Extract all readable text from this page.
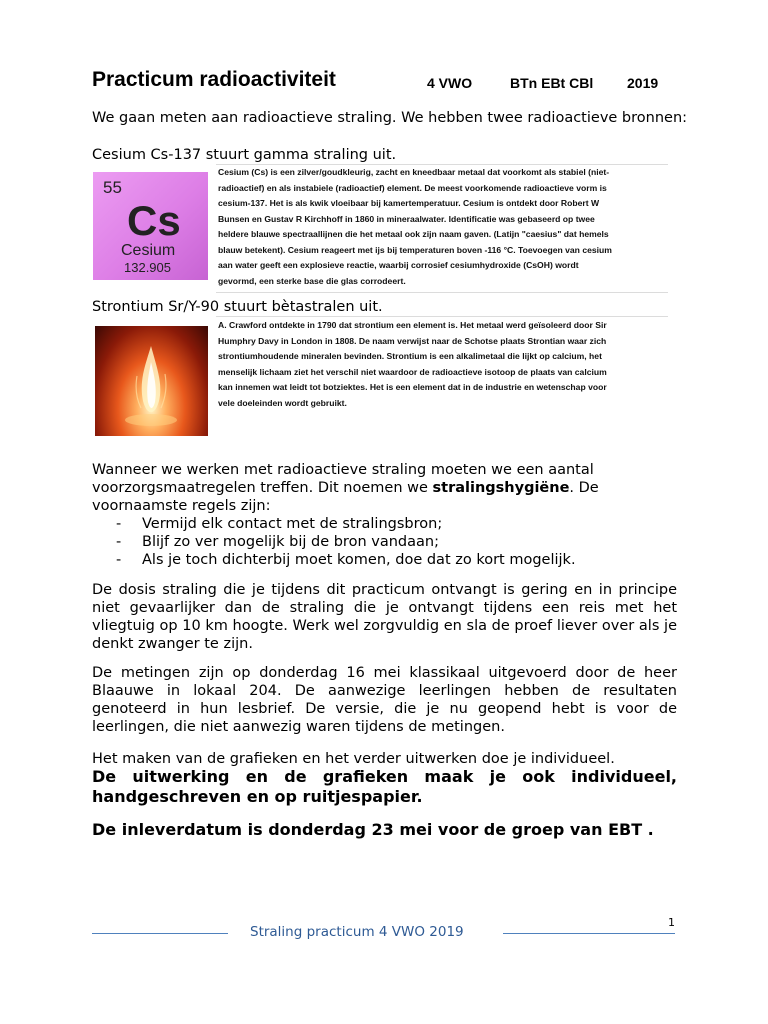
Practicum radioactiviteit	4 VWO	BTn EBt CBl 2019
We gaan meten aan radioactieve straling. We hebben twee radioactieve bronnen:
Cesium Cs-137 stuurt gamma straling uit.
55
Cs
Cesium
132.905
Cesium (Cs) is een zilver/goudkleurig, zacht en kneedbaar metaal dat voorkomt als stabiel (niet-
radioactief) en als instabiele (radioactief) element. De meest voorkomende radioactieve vorm is
cesium-137. Het is als kwik vloeibaar bij kamertemperatuur. Cesium is ontdekt door Robert W
Bunsen en Gustav R Kirchhoff in 1860 in mineraalwater. Identificatie was gebaseerd op twee
heldere blauwe spectraallijnen die het metaal ook zijn naam gaven. (Latijn "caesius" dat hemels
blauw betekent). Cesium reageert met ijs bij temperaturen boven -116 °C. Toevoegen van cesium
aan water geeft een explosieve reactie, waarbij corrosief cesiumhydroxide (CsOH) wordt
gevormd, een sterke base die glas corrodeert.
Strontium Sr/Y-90 stuurt bètastralen uit.
A. Crawford ontdekte in 1790 dat strontium een element is. Het metaal werd geïsoleerd door Sir
Humphry Davy in London in 1808. De naam verwijst naar de Schotse plaats Strontian waar zich
strontiumhoudende mineralen bevinden. Strontium is een alkalimetaal die lijkt op calcium, het
menselijk lichaam ziet het verschil niet waardoor de radioactieve isotoop de plaats van calcium
kan innemen wat leidt tot botziektes. Het is een element dat in de industrie en wetenschap voor
vele doeleinden wordt gebruikt.
Wanneer we werken met radioactieve straling moeten we een aantal
voorzorgsmaatregelen treffen. Dit noemen we stralingshygiëne. De
voornaamste regels zijn:
- Vermijd elk contact met de stralingsbron;
- Blijf zo ver mogelijk bij de bron vandaan;
- Als je toch dichterbij moet komen, doe dat zo kort mogelijk.
De dosis straling die je tijdens dit practicum ontvangt is gering en in principe niet gevaarlijker dan de straling die je ontvangt tijdens een reis met het vliegtuig op 10 km hoogte. Werk wel zorgvuldig en sla de proef liever over als je denkt zwanger te zijn.
De metingen zijn op donderdag 16 mei klassikaal uitgevoerd door de heer Blaauwe in lokaal 204. De aanwezige leerlingen hebben de resultaten genoteerd in hun lesbrief. De versie, die je nu geopend hebt is voor de leerlingen, die niet aanwezig waren tijdens de metingen.
Het maken van de grafieken en het verder uitwerken doe je individueel.
De uitwerking en de grafieken maak je ook individueel, handgeschreven en op ruitjespapier.
De inleverdatum is donderdag 23 mei voor de groep van EBT .
1
Straling practicum 4 VWO 2019
